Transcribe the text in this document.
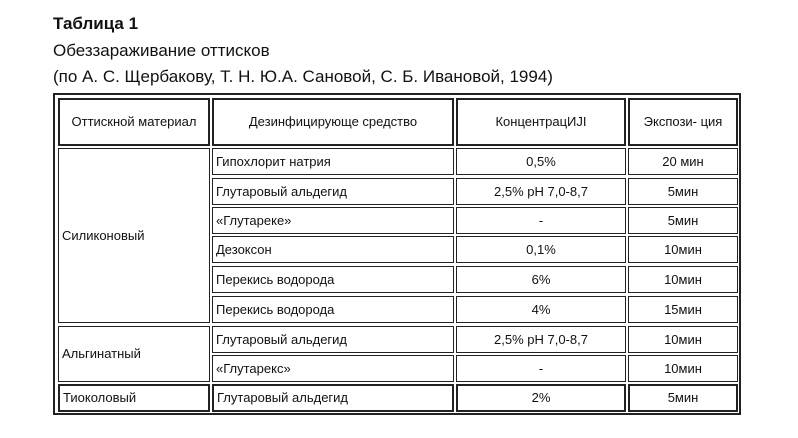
Таблица 1

Обеззараживание оттисков

(по А. С. Щербакову, Т. Н. Ю.А. Сановой, С. Б. Ивановой, 1994)

Оттискной материал	Дезинфицирующе средство	КонцентрацИJI	Экспози- ция
Силиконовый
Гипохлорит натрия	0,5%	20 мин
Глутаровый альдегид	2,5% pH 7,0-8,7	5мин
«Глутареке»	-	5мин
Дезоксон	0,1%	10мин
Перекись водорода	6%	10мин
Перекись водорода	4%	15мин
Альгинатный
Глутаровый альдегид	2,5% pH 7,0-8,7	10мин
«Глутарекс»	-	10мин
Тиоколовый	Глутаровый альдегид	2%	5мин
